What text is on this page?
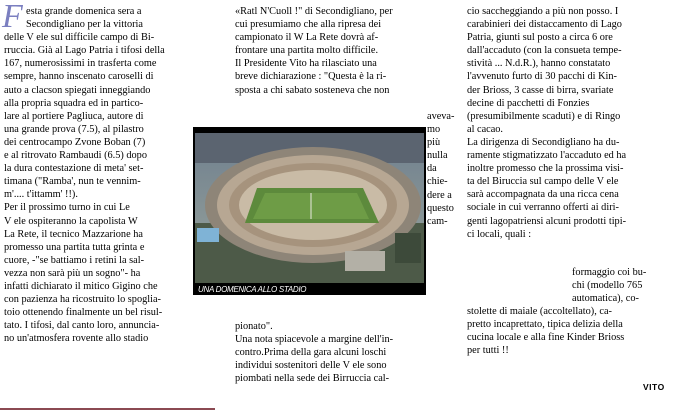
F esta grande domenica sera a
Secondigliano per la vittoria
delle V ele sul difficile campo di Bi-
rruccia. Già al Lago Patria i tifosi della
167, numerosissimi in trasferta come
sempre, hanno inscenato caroselli di
auto a clacson spiegati inneggiando
alla propria squadra ed in partico-
lare al portiere Pagliuca, autore di
una grande prova (7.5), al pilastro
dei centrocampo Zvone Boban (7)
e al ritrovato Rambaudi (6.5) dopo
la dura contestazione di meta' set-
timana ("Ramba', nun te vennim-
m'.... t'ittamm' !!).
Per il prossimo turno in cui Le
V ele ospiteranno la capolista W
La Rete, il tecnico Mazzarione ha
promesso una partita tutta grinta e
cuore, -"se battiamo i retini la sal-
vezza non sarà più un sogno"- ha
infatti dichiarato il mitico Gigino che
con pazienza ha ricostruito lo spoglia-
toio ottenendo finalmente un bel risul-
tato. I tifosi, dal canto loro, annuncia-
no un'atmosfera rovente allo stadio
«Ratl N'Cuoll !" di Secondigliano, per
cui presumiamo che alla ripresa dei
campionato il W La Rete dovrà af-
frontare una partita molto difficile.
Il Presidente Vito ha rilasciato una
breve dichiarazione : "Questa è la ri-
sposta a chi sabato sosteneva che non
aveva-
mo
più
nulla
da
chie-
dere a
questo
cam-
pionato".
Una nota spiacevole a margine dell'in-
contro.Prima della gara alcuni loschi
individui sostenitori delle V ele sono
piombati nella sede dei Birruccia cal-
cio saccheggiando a più non posso. I
carabinieri dei distaccamento di Lago
Patria, giunti sul posto a circa 6 ore
dall'accaduto (con la consueta tempe-
stività ... N.d.R.), hanno constatato
l'avvenuto furto di 30 pacchi di Kin-
der Brioss, 3 casse di birra, svariate
decine di pacchetti di Fonzies
(presumibilmente scaduti) e di Ringo
al cacao.
La dirigenza di Secondigliano ha du-
ramente stigmatizzato l'accaduto ed ha
inoltre promesso che la prossima visi-
ta del Biruccia sul campo delle V ele
sarà accompagnata da una ricca cena
sociale in cui verranno offerti ai diri-
genti lagopatriensi alcuni prodotti tipi-
ci locali, quali :
formaggio coi bu-
chi (modello 765
automatica), co-
stolette di maiale (accoltellato), ca-
pretto incaprettato, tipica delizia della
cucina locale e alla fine Kinder Brioss
per tutti !!
UNA DOMENICA ALLO STADIO
VITO
